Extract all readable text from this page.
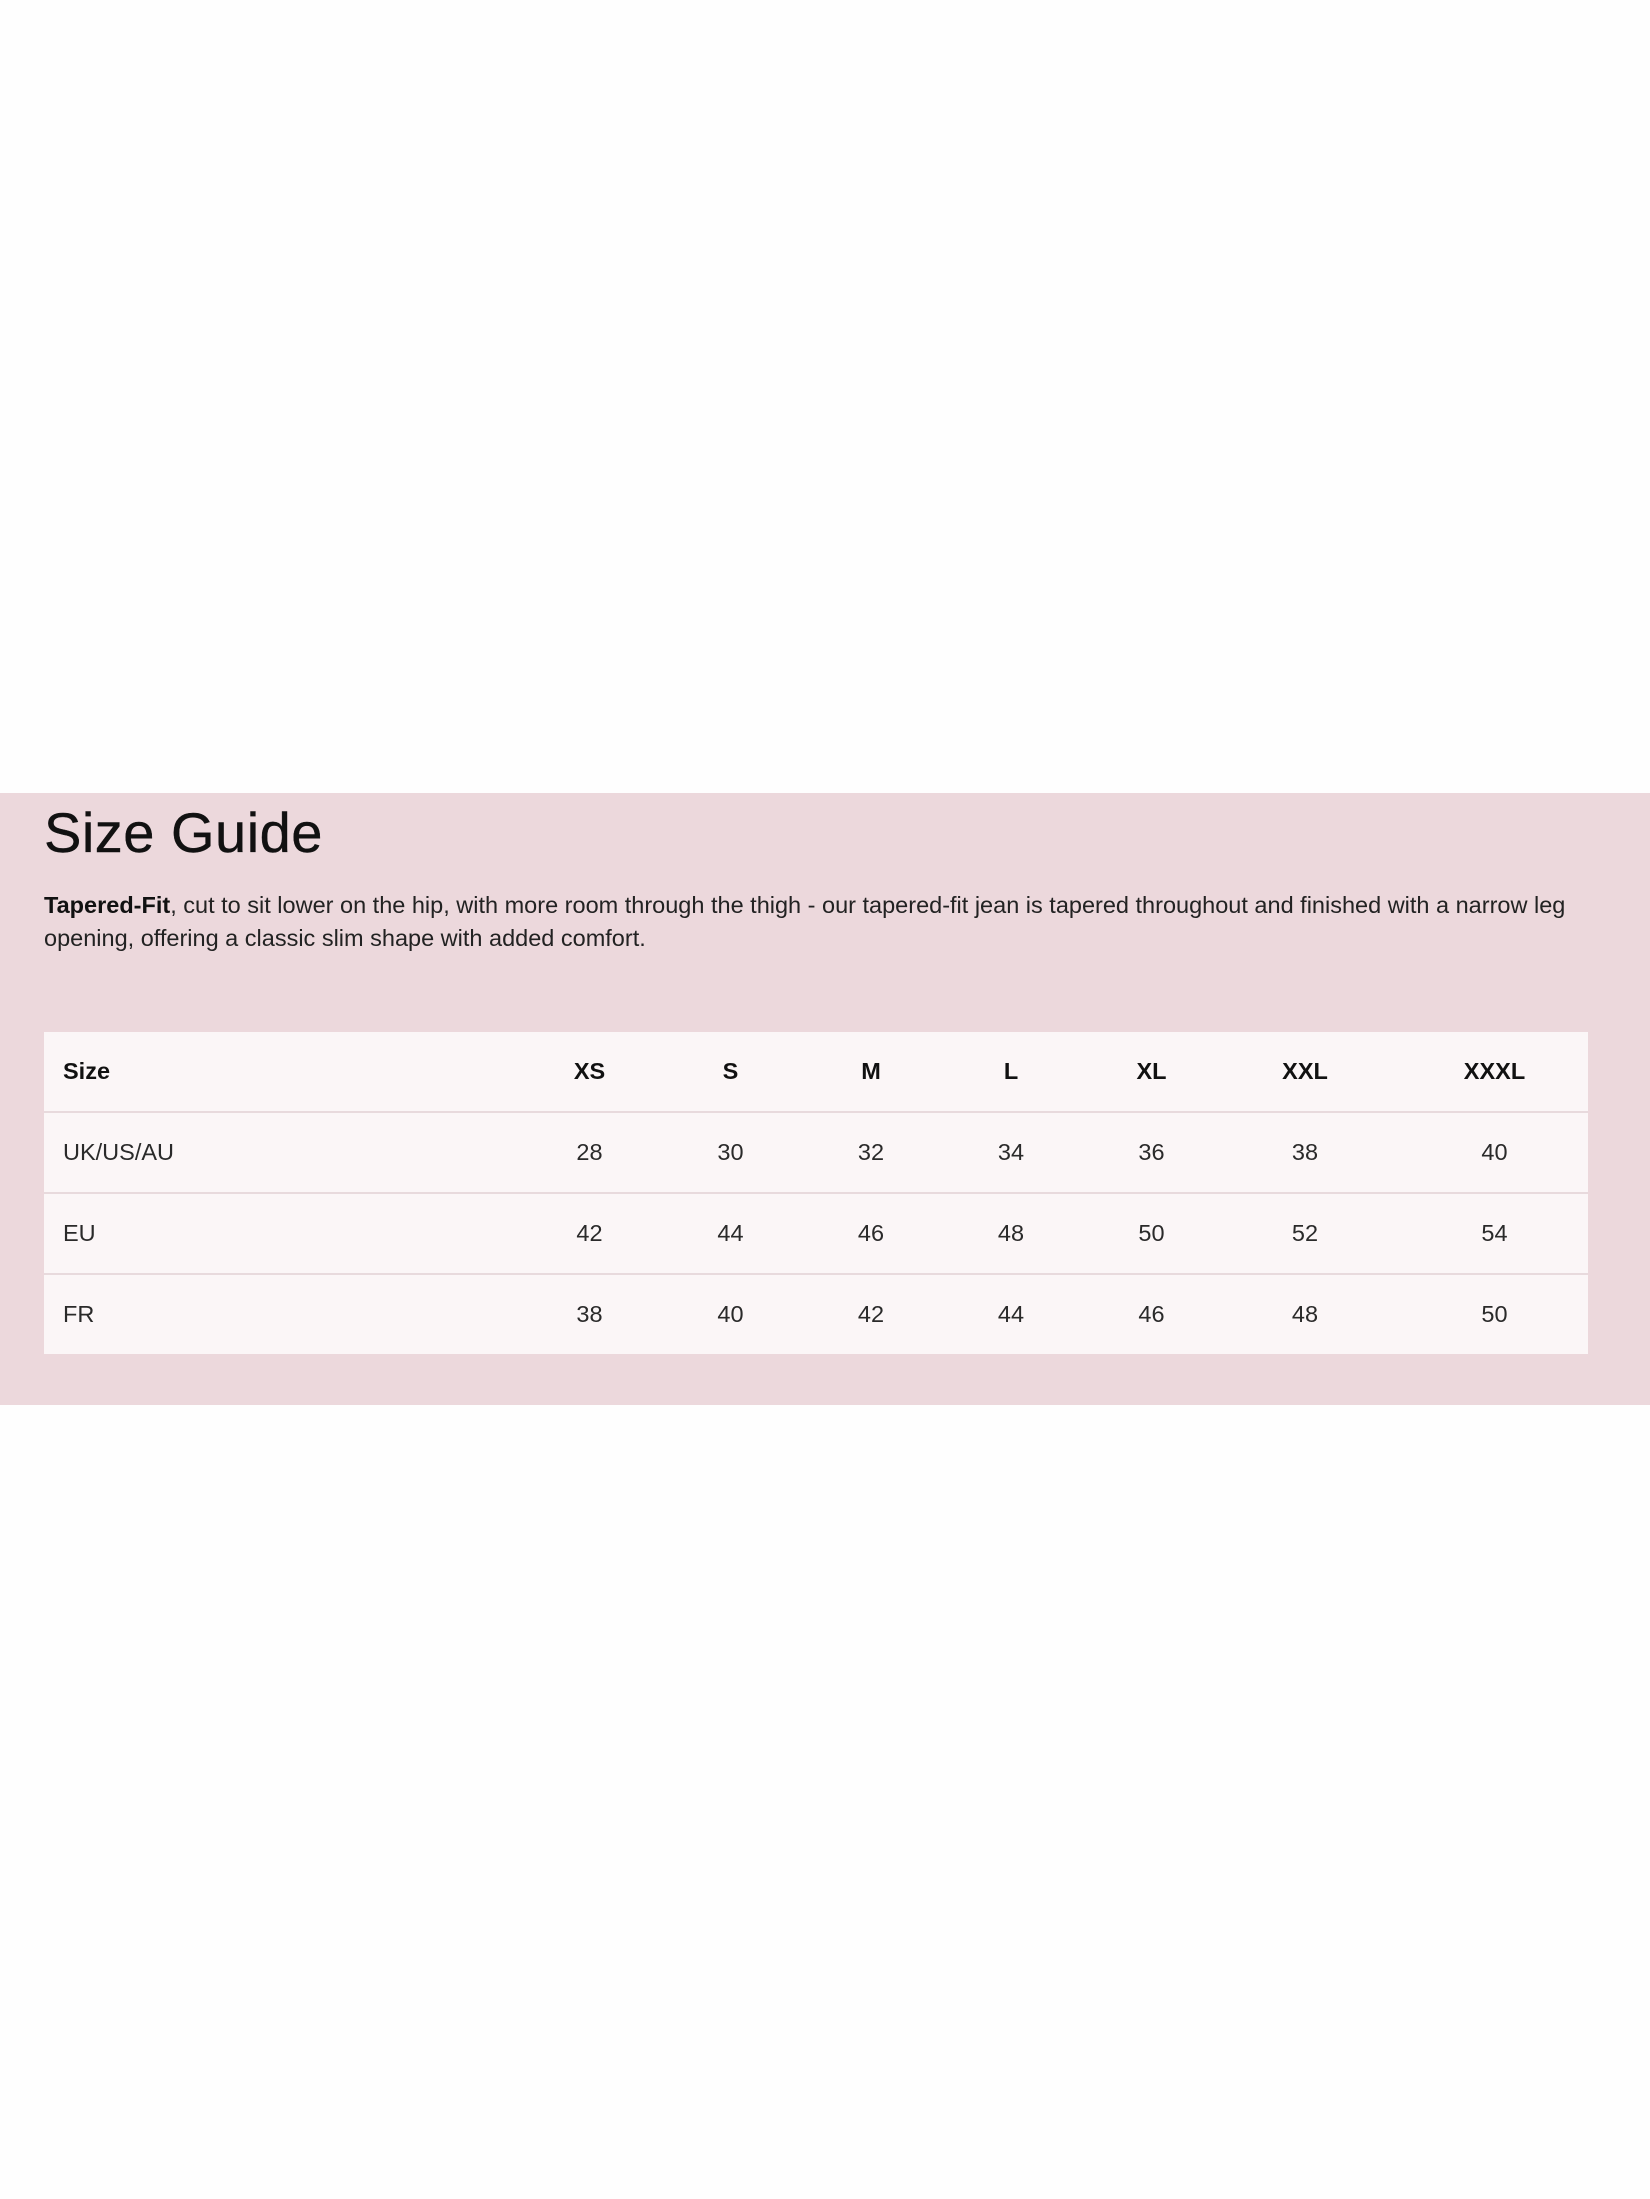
Size Guide

Tapered-Fit, cut to sit lower on the hip, with more room through the thigh - our tapered-fit jean is tapered throughout and finished with a narrow leg opening, offering a classic slim shape with added comfort.

Size	XS	S	M	L	XL	XXL	XXXL
UK/US/AU	28	30	32	34	36	38	40
EU	42	44	46	48	50	52	54
FR	38	40	42	44	46	48	50
